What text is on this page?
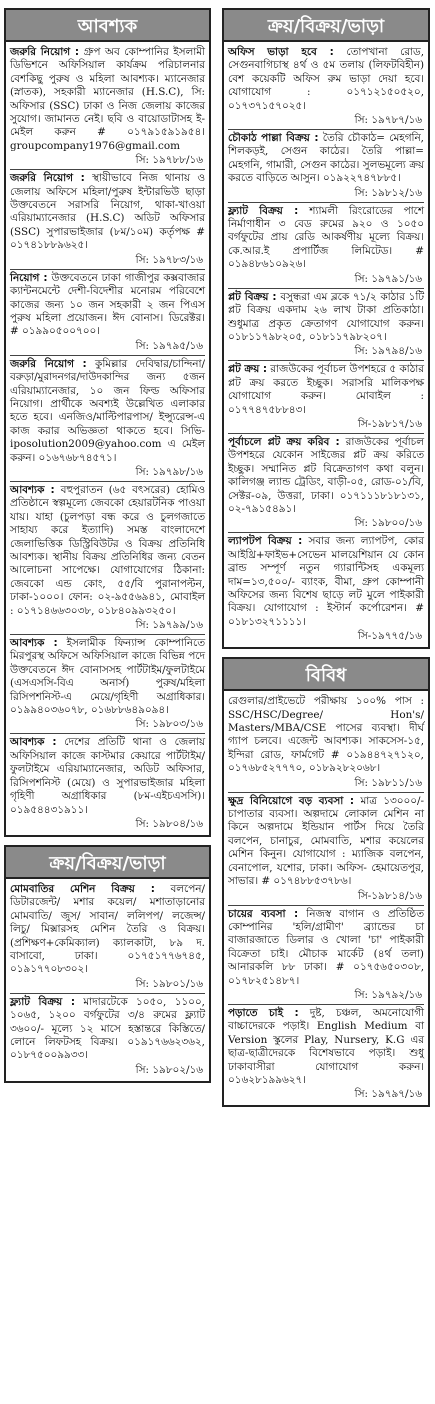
আবশ্যক

জরুরি নিয়োগ : গ্রুপ অব কোম্পানির ইসলামী ডিভিশনে অফিসিয়াল কার্যক্রম পরিচালনার বেশকিছু পুরুষ ও মহিলা আবশ্যক। ম্যানেজার (স্নাতক), সহকারী ম্যানেজার (H.S.C), সি: অফিসার (SSC) ঢাকা ও নিজ জেলায় কাজের সুযোগ। জামানত নেই। ছবি ও বায়োডাটাসহ ই-মেইল করুন # ০১৭৯১৫৯১৯৫৪। groupcompany1976@gmail.com

সি: ১৯৭৮৮/১৬

জরুরি নিয়োগ : স্থায়ীভাবে নিজ থানায় ও জেলায় অফিসে মহিলা/পুরুষ ইন্টারভিউ ছাড়া উক্তবেতনে সরাসরি নিয়োগ, থাকা-খাওয়া এরিয়াম্যানেজার (H.S.C) অডিট অফিসার (SSC) সুপারভাইজার (৮ম/১০ম) কর্তৃপক্ষ # ০১৭৪১৮৮৯৬২৫।

সি: ১৯৭৮৩/১৬

নিয়োগ : উক্তবেতনে ঢাকা গাজীপুর কক্সবাজার ক্যান্টনমেন্টে দেশী-বিদেশীর মনোরম পরিবেশে কাজের জন্য ১০ জন সহকারী ২ জন পিএস পুরুষ মহিলা প্রয়োজন। ঈদ বোনাস। ডিরেক্টর। # ০১৯৯০৫০০৭০০।

সি: ১৯৭৯৫/১৬

জরুরি নিয়োগ : কুমিল্লার দেবিদ্বার/চান্দিনা/বরুড়া/মুরাদনগর/দাউদকান্দির জন্য ৫জন এরিয়াম্যানেজার, ১০ জন ফিল্ড অফিসার নিয়োগ। প্রার্থীকে অবশ্যই উল্লেখিত এলাকার হতে হবে। এনজিও/মাল্টিপারপাস/ ইন্স্যুরেন্স-এ কাজ করার অভিজ্ঞতা থাকতে হবে। সিভি- iposolution2009@yahoo.com এ মেইল করুন। ০১৬৭৬৮৭৪৫৭১।

সি: ১৯৭৯৮/১৬

আবশ্যক : বহুপুরাতন (৬৫ বৎসরের) হোমিও প্রতিষ্ঠানে স্বল্পমূল্যে জেবকো হেয়ারটনিক পাওয়া যায়। যাহা (চুলপড়া বন্ধ করে ও চুলগজাতে সাহায্য করে ইত্যাদি) সমস্ত বাংলাদেশে জেলাভিত্তিক ডিস্ট্রিবিউটর ও বিক্রয় প্রতিনিধি আবশ্যক। স্থানীয় বিক্রয় প্রতিনিধির জন্য বেতন আলোচনা সাপেক্ষে। যোগাযোগের ঠিকানা: জেবকো এন্ড কোং, ৫৫/বি পুরানাপল্টন, ঢাকা-১০০০। ফোন: ০২-৯৫৫৬৯৪১, মোবাইল : ০১৭১৪৬৬৩০৩৮, ০১৮৪০৯৯৩২৫০।

সি: ১৯৭৯৯/১৬

আবশ্যক : ইসলামীক ফিন্যান্স কোম্পানিতে মিরপুরস্থ অফিসে অফিসিয়াল কাজে বিভিন্ন পদে উক্তবেতনে ঈদ বোনাসসহ পার্টটাইম/ফুলটাইমে (এসএসসি-বিএ অনার্স) পুরুষ/মহিলা রিসিপশনিস্ট-এ মেয়ে/গৃহিণী অগ্রাধিকার। ০১৯৯৪০৩৬০৭৮, ০১৬৮৮৬৪৯০৯৪।

সি: ১৯৮০৩/১৬

আবশ্যক : দেশের প্রতিটি থানা ও জেলায় অফিসিয়াল কাজে কাস্টমার কেয়ারে পার্টটাইম/ফুলটাইমে এরিয়াম্যানেজার, অডিট অফিসার, রিসিপশনিস্ট (মেয়ে) ও সুপারভাইজার মহিলা গৃহিণী অগ্রাধিকার (৮ম-এইচএসসি)। ০১৯৫৪৪৩১৯১১।

সি: ১৯৮০৪/১৬
ক্রয়/বিক্রয়/ভাড়া

মোমবাতির মেশিন বিক্রয় : বলপেন/ডিটারজেন্ট/ মশার কয়েল/ মশাতাড়ানোর মোমবাতি/ জুস/ সাবান/ ললিপপ/ লজেন্স/ লিচু/ মিক্সারসহ মেশিন তৈরি ও বিক্রয়। (প্রশিক্ষণ+কেমিক্যাল) ক্যালকাটা, ৮৯ দ. বাসাবো, ঢাকা। ০১৭৫১৭৭৬৭৪৫, ০১৯১৭৭০৮৩০২।

সি: ১৯৮০১/১৬

ফ্ল্যাট বিক্রয় : মাদারটেকে ১০৫০, ১১০০, ১০৬৫, ১২০০ বর্গফুটের ৩/৪ রুমের ফ্ল্যাট ৩৬০০/- মূল্যে ১২ মাসে হস্তান্তরে কিস্তিতে/ লোনে লিফটসহ বিক্রয়। ০১৯১৭৬৬২৩৬২, ০১৮৭৫০০৯৯৩৩।

সি: ১৯৮০২/১৬
ক্রয়/বিক্রয়/ভাড়া

অফিস ভাড়া হবে : তোপখানা রোড, সেগুনবাগিচাস্থ ৪র্থ ও ৫ম তলায় (লিফটবিহীন) বেশ কয়েকটি অফিস রুম ভাড়া দেয়া হবে। যোগাযোগ : ০১৭১২১৫০৫২০, ০১৭৩৭১৫৭০২৫।

সি: ১৯৭৮৭/১৬

চৌকাঠ পাল্লা বিক্রয় : তৈরি চৌকাঠ= মেহগনি, শিলকড়ই, সেগুন কাঠের। তৈরি পাল্লা= মেহগনি, গামারী, সেগুন কাঠের। সুলভমূল্যে ক্রয় করতে বাড়িতে আসুন। ০১৯২২৭৪৭৮৮৫।

সি: ১৯৮১২/১৬

ফ্ল্যাট বিক্রয় : শ্যামলী রিংরোডের পাশে নির্মাণাধীন ৩ বেড রুমের ৯২০ ও ১০৫০ বর্গফুটের প্রায় রেডি আকর্ষণীয় মূল্যে বিক্রয়। কে.আর.ই প্রপার্টিজ লিমিটেড। # ০১৯৪৮৬১০৯২৬।

সি: ১৯৭৯১/১৬

প্লট বিক্রয় : বসুন্ধরা এম ব্লকে ৭১/২ কাঠার ১টি প্লট বিক্রয় একদাম ২৬ লাখ টাকা প্রতিকাঠা। শুধুমাত্র প্রকৃত ক্রেতাগণ যোগাযোগ করুন। ০১৮১১৭৯৮২০৫, ০১৮১১৭৯৮২০৭।

সি: ১৯৭৯৪/১৬

প্লট ক্রয় : রাজউকের পূর্বাচল উপশহরে ৫ কাঠার প্লট ক্রয় করতে ইচ্ছুক। সরাসরি মালিকপক্ষ যোগাযোগ করুন। মোবাইল : ০১৭৭৪৭৫৮৮৪৩।

সি-১৯৮১৭/১৬

পূর্বাচলে প্লট ক্রয় করিব : রাজউকের পূর্বাচল উপশহরে যেকোন সাইজের প্লট ক্রয় করিতে ইচ্ছুক। সম্মানিত প্লট বিক্রেতাগণ কথা বলুন। কালিগঞ্জ ল্যান্ড ট্রেডিং, বাড়ী-০৫, রোড-০১/বি, সেক্টর-০৯, উত্তরা, ঢাকা। ০১৭১১১৮১৮১৩১, ০২-৭৯১৫৪৯১।

সি: ১৯৮০০/১৬

ল্যাপটপ বিক্রয় : সবার জন্য ল্যাপটপ, কোর আইথ্রি+ফাইভ+সেভেন মালয়েশিয়ান যে কোন ব্রান্ড সম্পূর্ণ নতুন গ্যারান্টিসহ একমূল্য দাম=১৩,৫০০/- ব্যাংক, বীমা, গ্রুপ কোম্পানী অফিসের জন্য বিশেষ ছাড়ে লট মুলে পাইকারী বিক্রয়। যোগাযোগ : ইস্টার্ন কর্পোরেশন। # ০১৮১৩২৭১১১১।

সি-১৯৭৭৫/১৬
বিবিধ

রেগুলার/প্রাইভেটে পরীক্ষায় ১০০% পাস : SSC/HSC/Degree/ Hon's/ Masters/MBA/CSE পাসের ব্যবস্থা। দীর্ঘ গ্যাপ চলবে। এজেন্ট আবশ্যক। সাকসেস-১৫, ইন্দিরা রোড, ফার্মগেট # ০১৯৪৪৭২৭১২০, ০১৭৬৮৫২৭৭৭০, ০১৮৯২৮২০৬৮।

সি: ১৯৮১১/১৬

ক্ষুদ্র বিনিয়োগে বড় ব্যবসা : মাত্র ১৩০০০/- চাপাতার ব্যবসা। অল্পদামে লোকাল মেশিন না কিনে অল্পদামে ইন্ডিয়ান পার্টস দিয়ে তৈরি বলপেন, চানাচুর, মোমবাতি, মশার কয়েলের মেশিন কিনুন। যোগাযোগ : ম্যাজিক বলপেন, বেনাপোল, যশোর, ঢাকা। অফিস- হেমায়েতপুর, সাভার। # ০১৭৪৮৮৫৩৭৮৬।

সি-১৯৮১৪/১৬

চায়ের ব্যবসা : নিজস্ব বাগান ও প্রতিষ্ঠিত কোম্পানির 'হলি/গ্রামীণ' ব্র্যান্ডের চা বাজারজাতে ডিলার ও খোলা 'চা' পাইকারী বিক্রেতা চাই। মৌচাক মার্কেট (৪র্থ তলা) আনারকলি ৮৮ ঢাকা। # ০১৭৫৬৫০৩০৮, ০১৭৮২৫১৪৮৭।

সি: ১৯৭৯২/১৬

পড়াতে চাই : দুষ্ট, চঞ্চল, অমনোযোগী বাচ্চাদেরকে পড়াই। English Medium বা Version স্কুলের Play, Nursery, K.G এর ছাত্র-ছাত্রীদেরকে বিশেষভাবে পড়াই। শুধু ঢাকাবাসীরা যোগাযোগ করুন। ০১৬২৮১৯৯৬২৭।

সি: ১৯৭৯৭/১৬
